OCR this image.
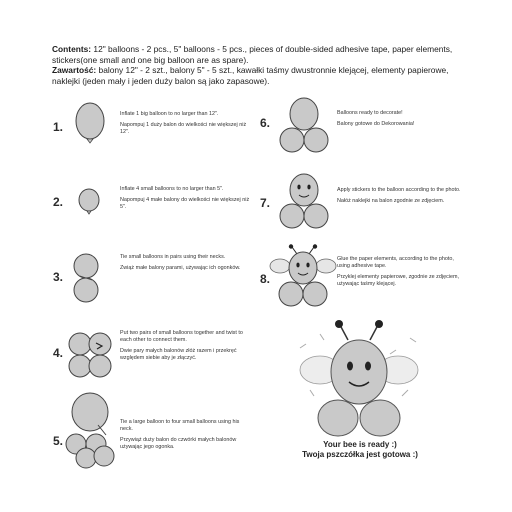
Contents: 12" balloons - 2 pcs., 5" balloons - 5 pcs., pieces of double-sided adhesive tape, paper elements, stickers(one small and one big balloon are as spare).

Zawartość: balony 12" - 2 szt., balony 5" - 5 szt., kawałki taśmy dwustronnie klejącej, elementy papierowe, naklejki (jeden mały i jeden duży balon są jako zapasowe).

1.

Inflate 1 big balloon to no larger than 12".

Napompuj 1 duży balon do wielkości nie większej niż 12".

2.

Inflate 4 small balloons to no larger than 5".

Napompuj 4 małe balony do wielkości nie większej niż 5".

3.

Tie small balloons in pairs using their necks.

Zwiąż małe balony parami, używając ich ogonków.

4.

Put two pairs of small balloons together and twist to each other to connect them.

Dwie pary małych balonów złóż razem i przekręć względem siebie aby je złączyć.

5.

Tie a large balloon to four small balloons using his neck.

Przywiąż duży balon do czwórki małych balonów używając jego ogonka.

6.

Balloons ready to decorate!

Balony gotowe do Dekorowania!

7.

Apply stickers to the balloon according to the photo.

Nałóż naklejki na balon zgodnie ze zdjęciem.

8.

Glue the paper elements, according to the photo, using adhesive tape.

Przyklej elementy papierowe, zgodnie ze zdjęciem, używając taśmy klejącej.

Your bee is ready :)

Twoja pszczółka jest gotowa :)
